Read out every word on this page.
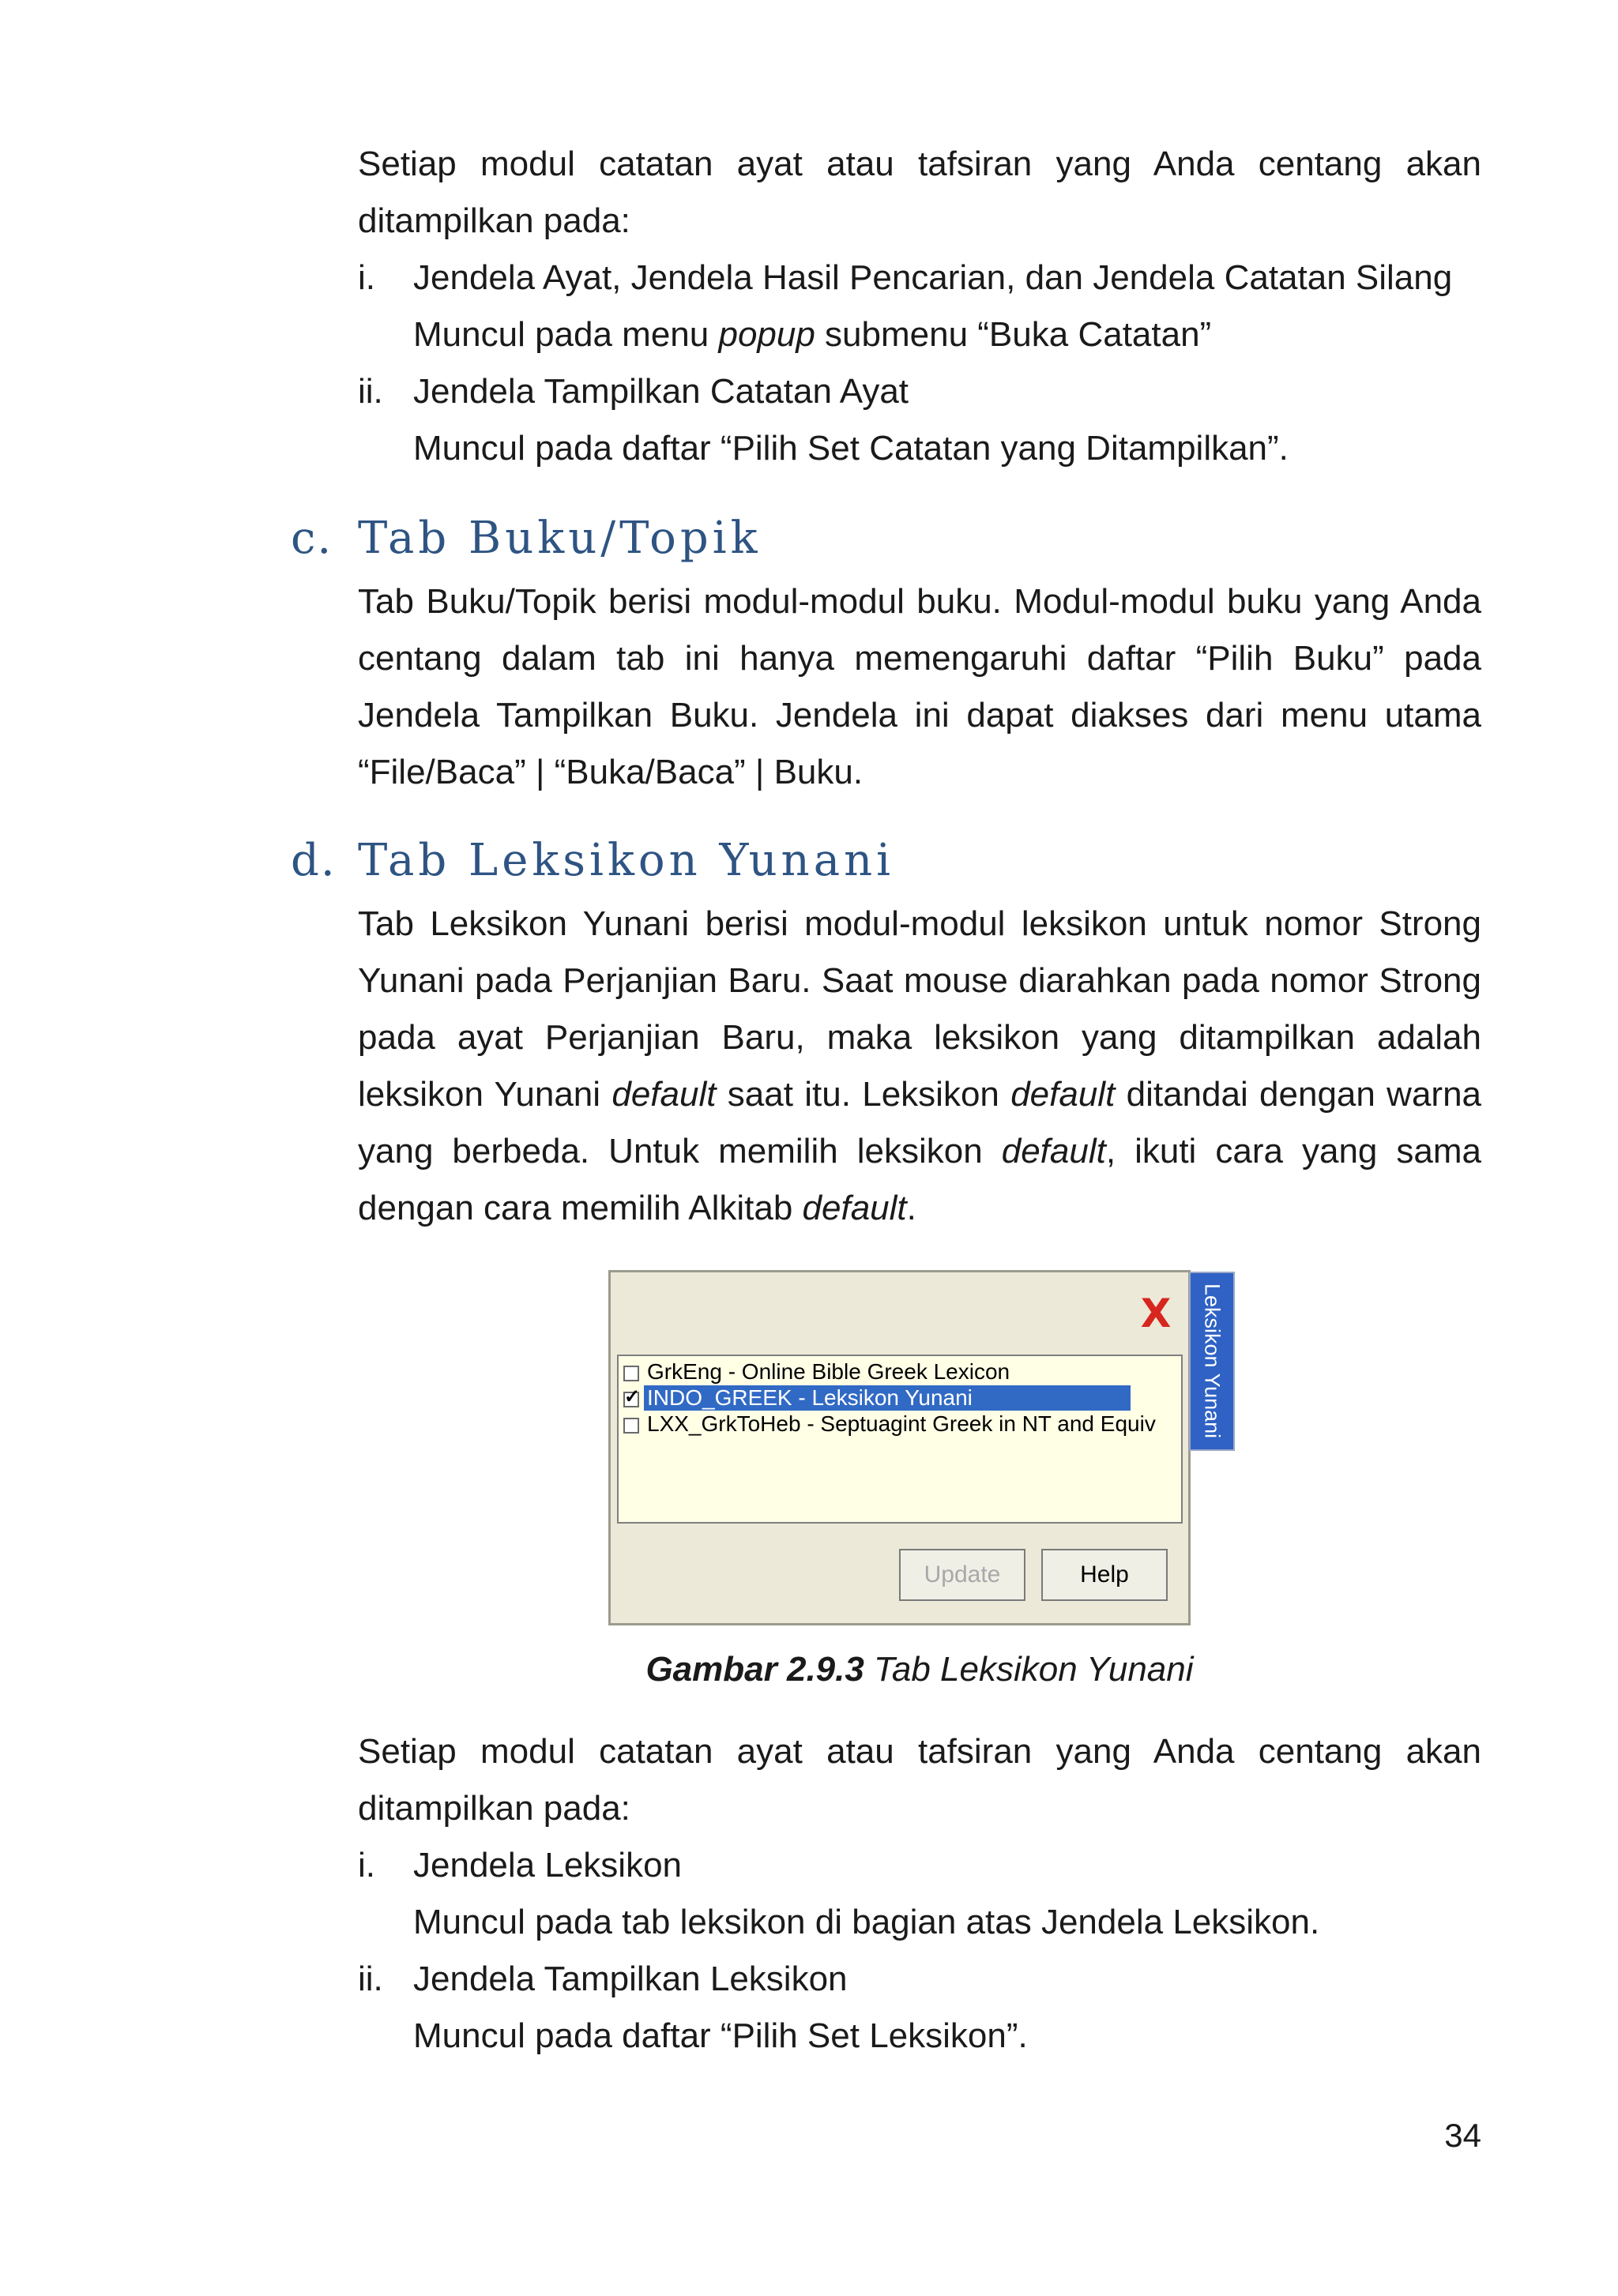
Setiap modul catatan ayat atau tafsiran yang Anda centang akan ditampilkan pada:

i.	Jendela Ayat, Jendela Hasil Pencarian, dan Jendela Catatan Silang
Muncul pada menu popup submenu “Buka Catatan”
ii. Jendela Tampilkan Catatan Ayat
Muncul pada daftar “Pilih Set Catatan yang Ditampilkan”.
c. Tab Buku/Topik

Tab Buku/Topik berisi modul-modul buku. Modul-modul buku yang Anda centang dalam tab ini hanya memengaruhi daftar “Pilih Buku” pada Jendela Tampilkan Buku. Jendela ini dapat diakses dari menu utama “File/Baca” | “Buka/Baca” | Buku.

d. Tab Leksikon Yunani

Tab Leksikon Yunani berisi modul-modul leksikon untuk nomor Strong Yunani pada Perjanjian Baru. Saat mouse diarahkan pada nomor Strong pada ayat Perjanjian Baru, maka leksikon yang ditampilkan adalah leksikon Yunani default saat itu. Leksikon default ditandai dengan warna yang berbeda. Untuk memilih leksikon default, ikuti cara yang sama dengan cara memilih Alkitab default.

X
GrkEng - Online Bible Greek Lexicon
✓INDO_GREEK - Leksikon Yunani
LXX_GrkToHeb - Septuagint Greek in NT and Equiv
Update	Help
Leksikon Yunani
Gambar 2.9.3 Tab Leksikon Yunani

Setiap modul catatan ayat atau tafsiran yang Anda centang akan ditampilkan pada:

i.	Jendela Leksikon
Muncul pada tab leksikon di bagian atas Jendela Leksikon.
ii. Jendela Tampilkan Leksikon
Muncul pada daftar “Pilih Set Leksikon”.
34
